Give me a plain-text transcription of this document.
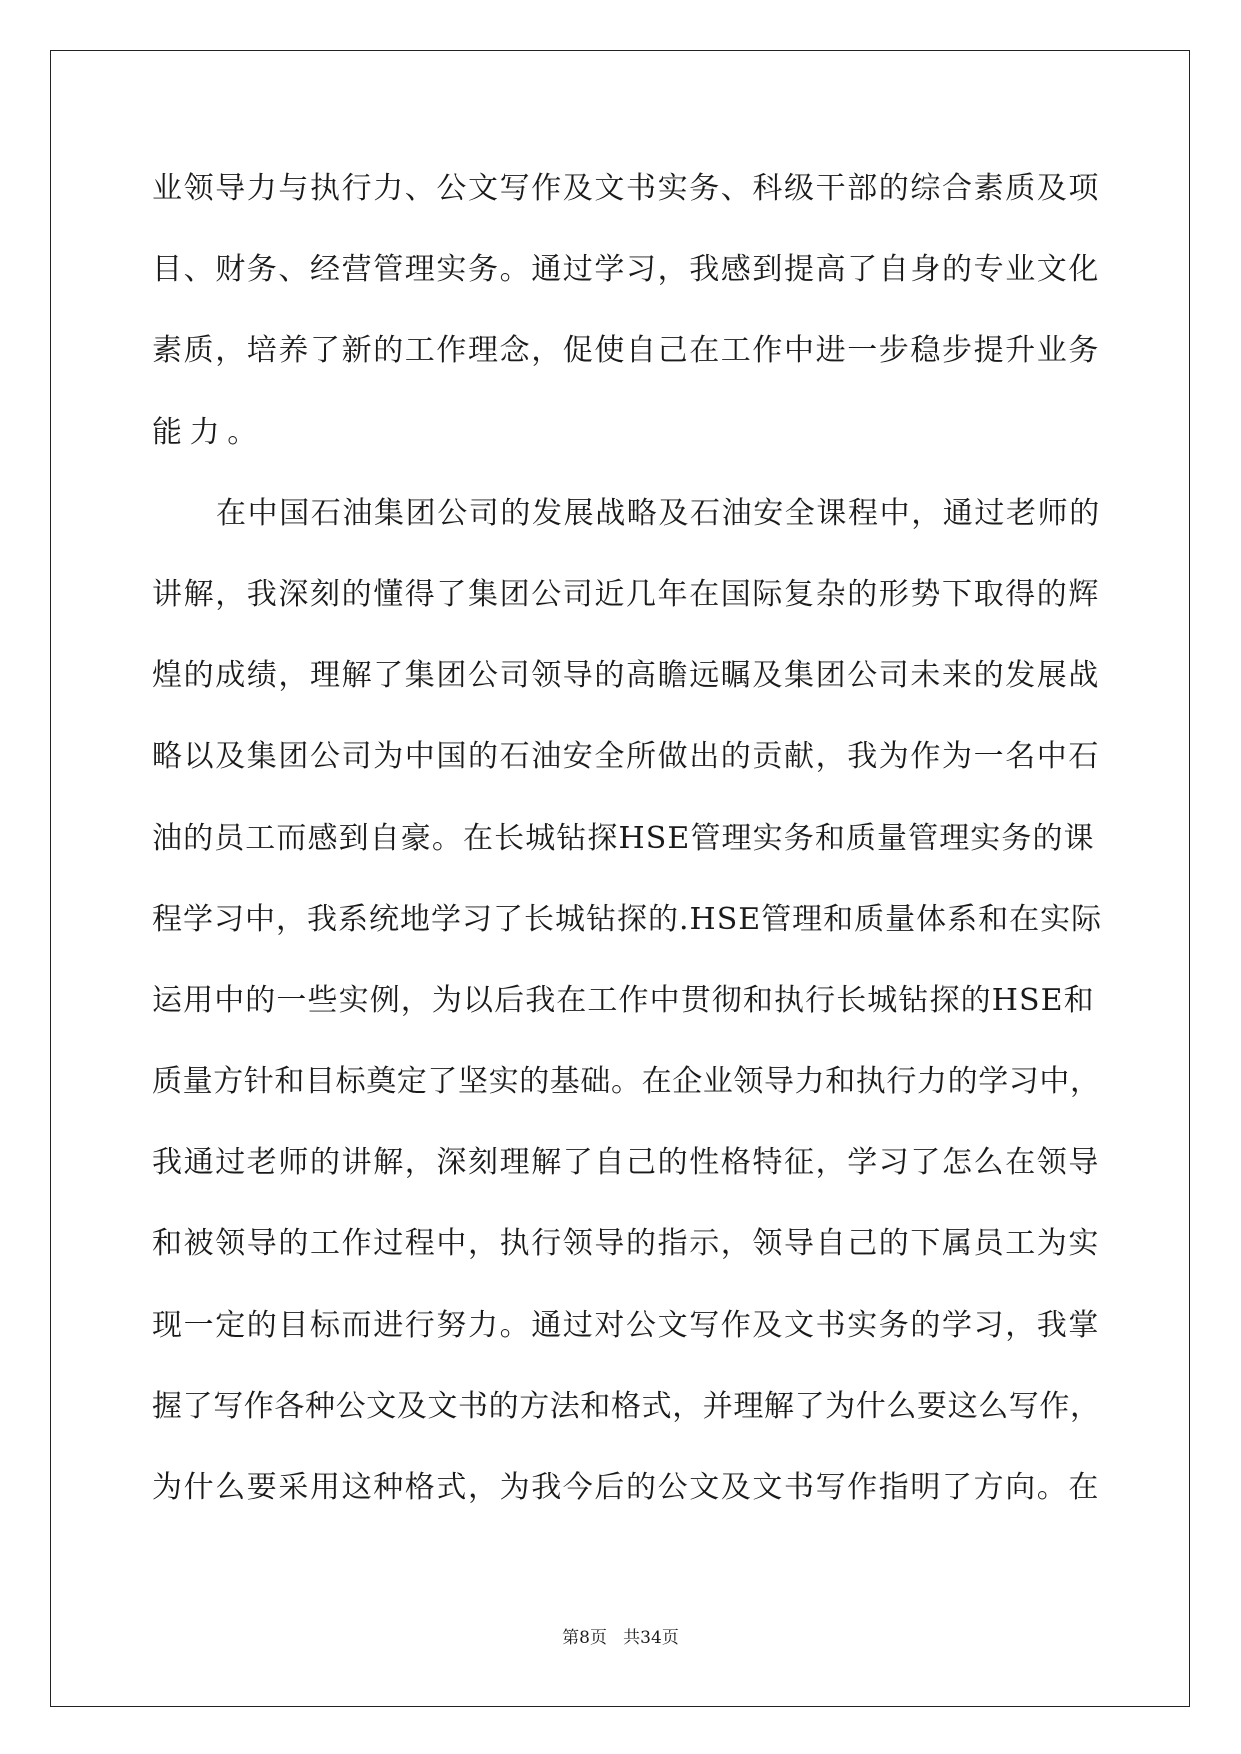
业领导力与执行力、公文写作及文书实务、科级干部的综合素质及项
目、财务、经营管理实务。通过学习，我感到提高了自身的专业文化
素质，培养了新的工作理念，促使自己在工作中进一步稳步提升业务
能力。
在中国石油集团公司的发展战略及石油安全课程中，通过老师的
讲解，我深刻的懂得了集团公司近几年在国际复杂的形势下取得的辉
煌的成绩，理解了集团公司领导的高瞻远瞩及集团公司未来的发展战
略以及集团公司为中国的石油安全所做出的贡献，我为作为一名中石
油的员工而感到自豪。在长城钻探HSE管理实务和质量管理实务的课
程学习中，我系统地学习了长城钻探的.HSE管理和质量体系和在实际
运用中的一些实例，为以后我在工作中贯彻和执行长城钻探的HSE和
质量方针和目标奠定了坚实的基础。在企业领导力和执行力的学习中，
我通过老师的讲解，深刻理解了自己的性格特征，学习了怎么在领导
和被领导的工作过程中，执行领导的指示，领导自己的下属员工为实
现一定的目标而进行努力。通过对公文写作及文书实务的学习，我掌
握了写作各种公文及文书的方法和格式，并理解了为什么要这么写作，
为什么要采用这种格式，为我今后的公文及文书写作指明了方向。在
第8页   共34页
